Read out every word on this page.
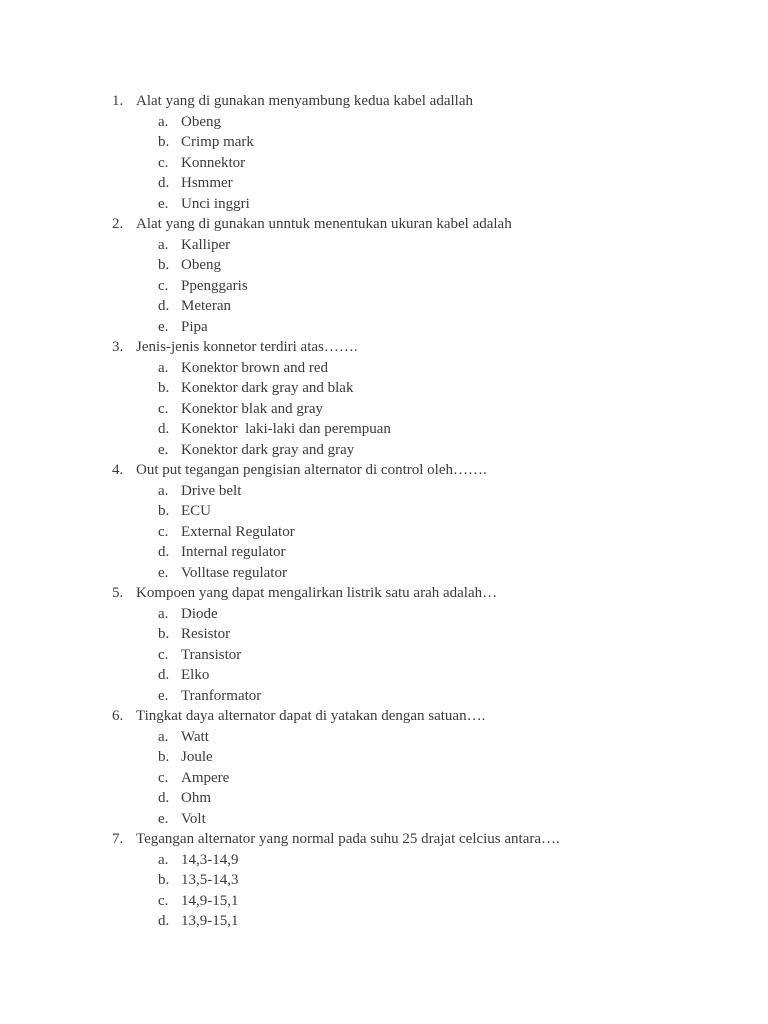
1. Alat yang di gunakan menyambung kedua kabel adallah
a. Obeng
b. Crimp mark
c. Konnektor
d. Hsmmer
e. Unci inggri
2. Alat yang di gunakan unntuk menentukan ukuran kabel adalah
a. Kalliper
b. Obeng
c. Ppenggaris
d. Meteran
e. Pipa
3. Jenis-jenis konnetor terdiri atas…….
a. Konektor brown and red
b. Konektor dark gray and blak
c. Konektor blak and gray
d. Konektor  laki-laki dan perempuan
e. Konektor dark gray and gray
4. Out put tegangan pengisian alternator di control oleh…….
a. Drive belt
b. ECU
c. External Regulator
d. Internal regulator
e. Volltase regulator
5. Kompoen yang dapat mengalirkan listrik satu arah adalah…
a. Diode
b. Resistor
c. Transistor
d. Elko
e. Tranformator
6. Tingkat daya alternator dapat di yatakan dengan satuan….
a. Watt
b. Joule
c. Ampere
d. Ohm
e. Volt
7. Tegangan alternator yang normal pada suhu 25 drajat celcius antara….
a. 14,3-14,9
b. 13,5-14,3
c. 14,9-15,1
d. 13,9-15,1
